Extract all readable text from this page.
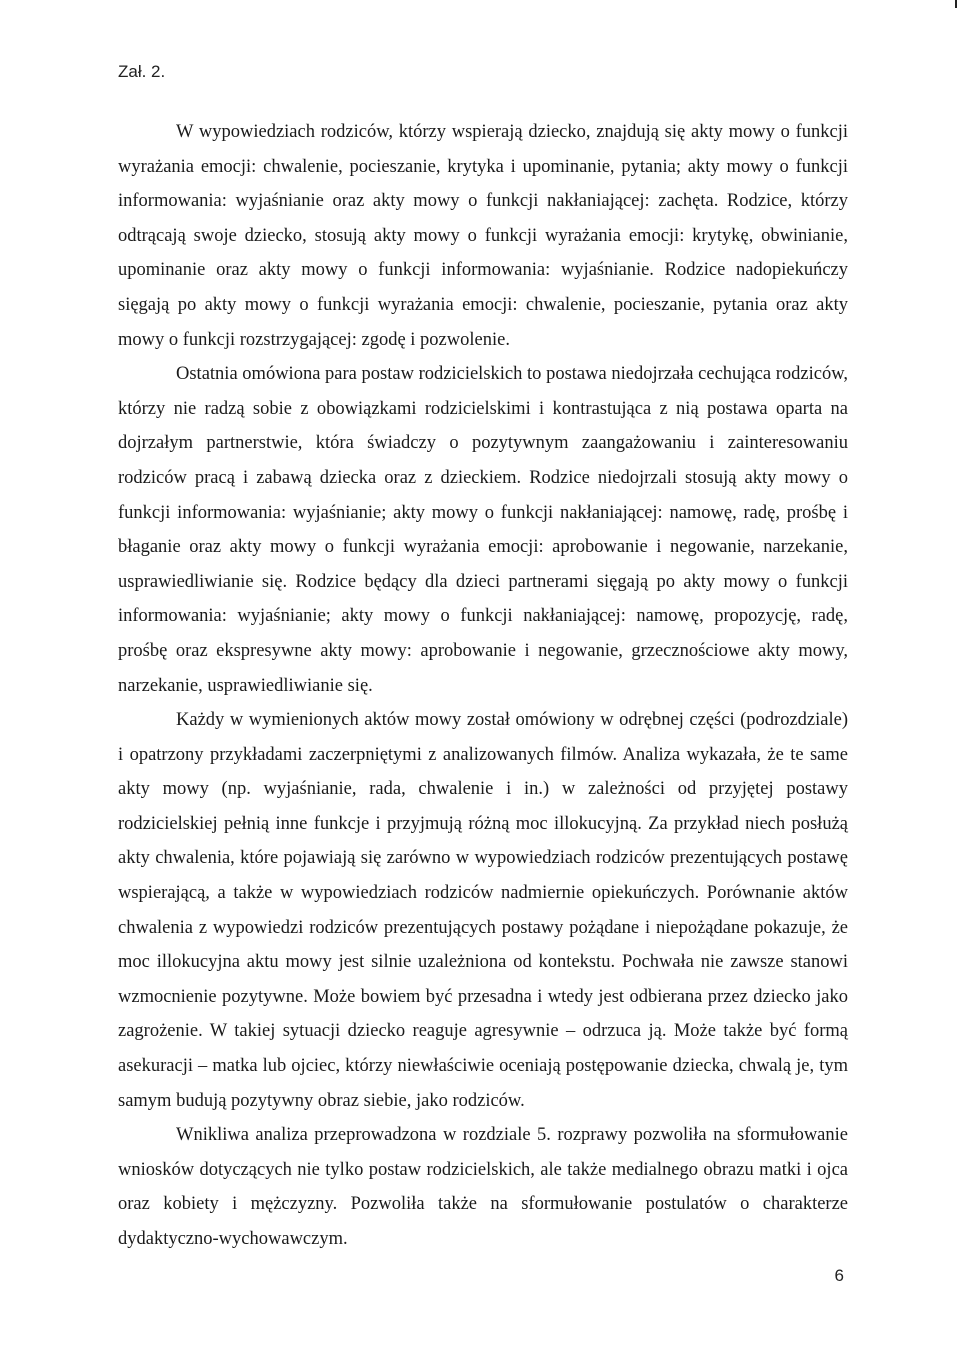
Zał. 2.

W wypowiedziach rodziców, którzy wspierają dziecko, znajdują się akty mowy o funkcji wyrażania emocji: chwalenie, pocieszanie, krytyka i upominanie, pytania; akty mowy o funkcji informowania: wyjaśnianie oraz akty mowy o funkcji nakłaniającej: zachęta. Rodzice, którzy odtrącają swoje dziecko, stosują akty mowy o funkcji wyrażania emocji: krytykę, obwinianie, upominanie oraz akty mowy o funkcji informowania: wyjaśnianie. Rodzice nadopiekuńczy sięgają po akty mowy o funkcji wyrażania emocji: chwalenie, pocieszanie, pytania oraz akty mowy o funkcji rozstrzygającej: zgodę i pozwolenie.

Ostatnia omówiona para postaw rodzicielskich to postawa niedojrzała cechująca rodziców, którzy nie radzą sobie z obowiązkami rodzicielskimi i kontrastująca z nią postawa oparta na dojrzałym partnerstwie, która świadczy o pozytywnym zaangażowaniu i zainteresowaniu rodziców pracą i zabawą dziecka oraz z dzieckiem. Rodzice niedojrzali stosują akty mowy o funkcji informowania: wyjaśnianie; akty mowy o funkcji nakłaniającej: namowę, radę, prośbę i błaganie oraz akty mowy o funkcji wyrażania emocji: aprobowanie i negowanie, narzekanie, usprawiedliwianie się. Rodzice będący dla dzieci partnerami sięgają po akty mowy o funkcji informowania: wyjaśnianie; akty mowy o funkcji nakłaniającej: namowę, propozycję, radę, prośbę oraz ekspresywne akty mowy: aprobowanie i negowanie, grzecznościowe akty mowy, narzekanie, usprawiedliwianie się.

Każdy w wymienionych aktów mowy został omówiony w odrębnej części (podrozdziale) i opatrzony przykładami zaczerpniętymi z analizowanych filmów. Analiza wykazała, że te same akty mowy (np. wyjaśnianie, rada, chwalenie i in.) w zależności od przyjętej postawy rodzicielskiej pełnią inne funkcje i przyjmują różną moc illokucyjną. Za przykład niech posłużą akty chwalenia, które pojawiają się zarówno w wypowiedziach rodziców prezentujących postawę wspierającą, a także w wypowiedziach rodziców nadmiernie opiekuńczych. Porównanie aktów chwalenia z wypowiedzi rodziców prezentujących postawy pożądane i niepożądane pokazuje, że moc illokucyjna aktu mowy jest silnie uzależniona od kontekstu. Pochwała nie zawsze stanowi wzmocnienie pozytywne. Może bowiem być przesadna i wtedy jest odbierana przez dziecko jako zagrożenie. W takiej sytuacji dziecko reaguje agresywnie – odrzuca ją. Może także być formą asekuracji – matka lub ojciec, którzy niewłaściwie oceniają postępowanie dziecka, chwalą je, tym samym budują pozytywny obraz siebie, jako rodziców.

Wnikliwa analiza przeprowadzona w rozdziale 5. rozprawy pozwoliła na sformułowanie wniosków dotyczących nie tylko postaw rodzicielskich, ale także medialnego obrazu matki i ojca oraz kobiety i mężczyzny. Pozwoliła także na sformułowanie postulatów o charakterze dydaktyczno-wychowawczym.

6
